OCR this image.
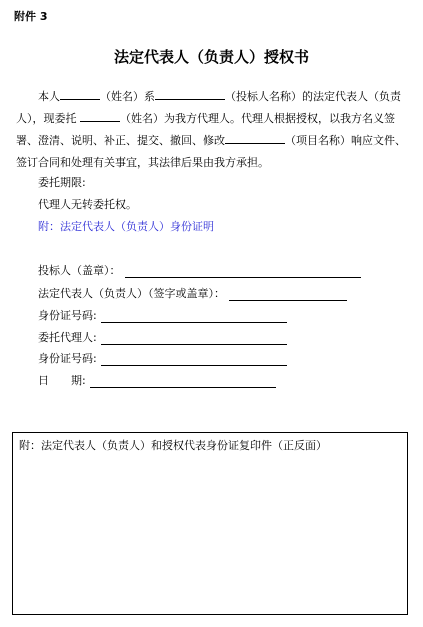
附件 3
法定代表人（负责人）授权书
本人	（姓名）系	（投标人名称）的法定代表人（负责
人），现委托	（姓名）为我方代理人。代理人根据授权，以我方名义签
署、澄清、说明、补正、提交、撤回、修改	（项目名称）响应文件、
签订合同和处理有关事宜，其法律后果由我方承担。
委托期限:
代理人无转委托权。
附：法定代表人（负责人）身份证明
投标人（盖章）：
法定代表人（负责人）（签字或盖章）：
身份证号码:
委托代理人:
身份证号码:
日　　期:
附：法定代表人（负责人）和授权代表身份证复印件（正反面）
